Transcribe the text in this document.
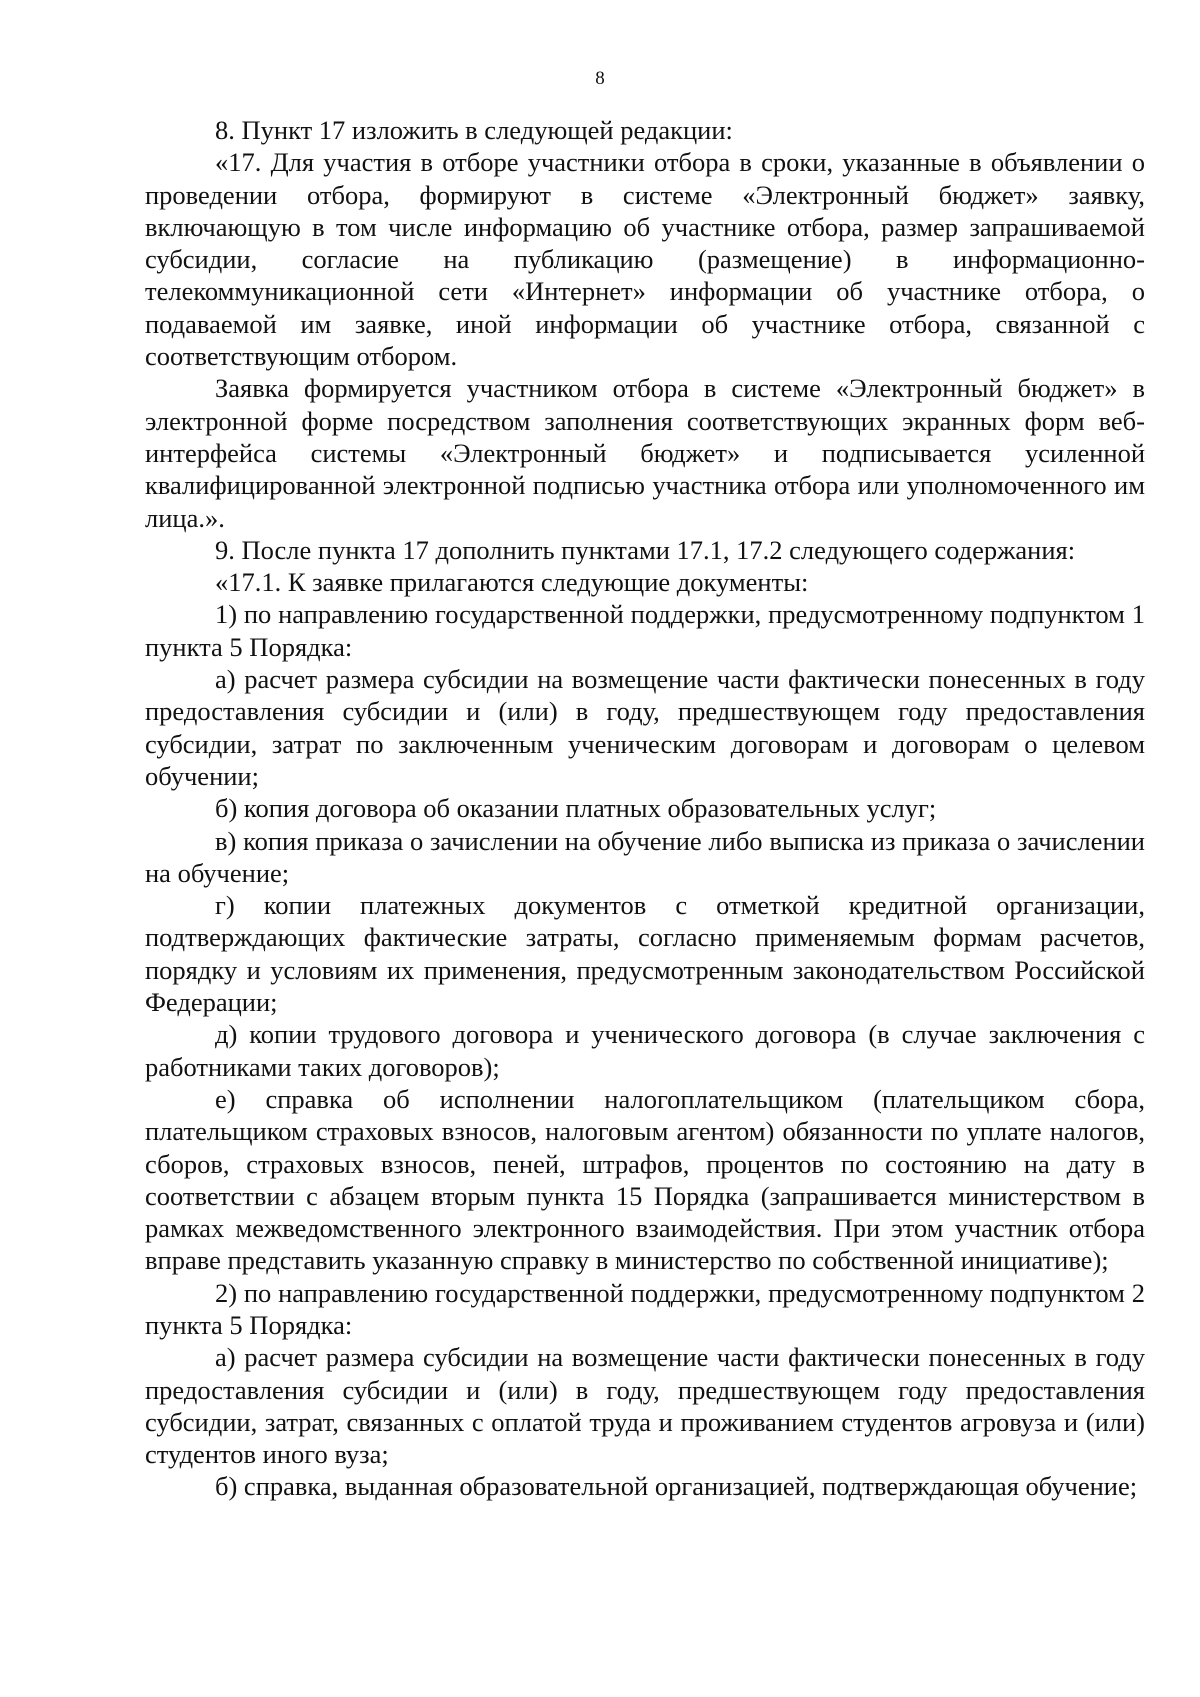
8

8. Пункт 17 изложить в следующей редакции:

«17. Для участия в отборе участники отбора в сроки, указанные в объявлении о проведении отбора, формируют в системе «Электронный бюджет» заявку, включающую в том числе информацию об участнике отбора, размер запрашиваемой субсидии, согласие на публикацию (размещение) в информационно-телекоммуникационной сети «Интернет» информации об участнике отбора, о подаваемой им заявке, иной информации об участнике отбора, связанной с соответствующим отбором.

Заявка формируется участником отбора в системе «Электронный бюджет» в электронной форме посредством заполнения соответствующих экранных форм веб-интерфейса системы «Электронный бюджет» и подписывается усиленной квалифицированной электронной подписью участника отбора или уполномоченного им лица.».

9. После пункта 17 дополнить пунктами 17.1, 17.2 следующего содержания:

«17.1. К заявке прилагаются следующие документы:

1) по направлению государственной поддержки, предусмотренному подпунктом 1 пункта 5 Порядка:

а) расчет размера субсидии на возмещение части фактически понесенных в году предоставления субсидии и (или) в году, предшествующем году предоставления субсидии, затрат по заключенным ученическим договорам и договорам о целевом обучении;

б) копия договора об оказании платных образовательных услуг;

в) копия приказа о зачислении на обучение либо выписка из приказа о зачислении на обучение;

г) копии платежных документов с отметкой кредитной организации, подтверждающих фактические затраты, согласно применяемым формам расчетов, порядку и условиям их применения, предусмотренным законодательством Российской Федерации;

д) копии трудового договора и ученического договора (в случае заключения с работниками таких договоров);

е) справка об исполнении налогоплательщиком (плательщиком сбора, плательщиком страховых взносов, налоговым агентом) обязанности по уплате налогов, сборов, страховых взносов, пеней, штрафов, процентов по состоянию на дату в соответствии с абзацем вторым пункта 15 Порядка (запрашивается министерством в рамках межведомственного электронного взаимодействия. При этом участник отбора вправе представить указанную справку в министерство по собственной инициативе);

2) по направлению государственной поддержки, предусмотренному подпунктом 2 пункта 5 Порядка:

а) расчет размера субсидии на возмещение части фактически понесенных в году предоставления субсидии и (или) в году, предшествующем году предоставления субсидии, затрат, связанных с оплатой труда и проживанием студентов агровуза и (или) студентов иного вуза;

б) справка, выданная образовательной организацией, подтверждающая обучение;
